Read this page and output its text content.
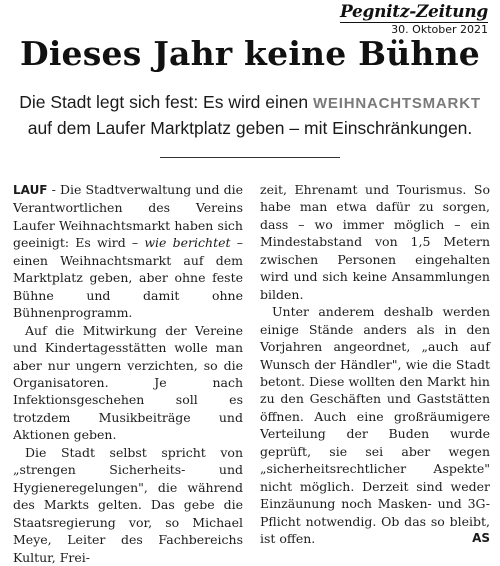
Pegnitz-Zeitung
30. Oktober 2021
Dieses Jahr keine Bühne
Die Stadt legt sich fest: Es wird einen WEIHNACHTSMARKT
auf dem Laufer Marktplatz geben – mit Einschränkungen.

LAUF - Die Stadtverwaltung und die Verantwortlichen des Vereins Laufer Weihnachtsmarkt haben sich geeinigt: Es wird – wie berichtet – einen Weihnachtsmarkt auf dem Marktplatz geben, aber ohne feste Bühne und damit ohne Bühnenprogramm.

Auf die Mitwirkung der Vereine und Kindertagesstätten wolle man aber nur ungern verzichten, so die Organisatoren. Je nach Infektionsgeschehen soll es trotzdem Musikbeiträge und Aktionen geben.

Die Stadt selbst spricht von „strengen Sicherheits- und Hygieneregelungen", die während des Markts gelten. Das gebe die Staatsregierung vor, so Michael Meye, Leiter des Fachbereichs Kultur, Frei-

zeit, Ehrenamt und Tourismus. So habe man etwa dafür zu sorgen, dass – wo immer möglich – ein Mindestabstand von 1,5 Metern zwischen Personen eingehalten wird und sich keine Ansammlungen bilden.

Unter anderem deshalb werden einige Stände anders als in den Vorjahren angeordnet, „auch auf Wunsch der Händler", wie die Stadt betont. Diese wollten den Markt hin zu den Geschäften und Gaststätten öffnen. Auch eine großräumigere Verteilung der Buden wurde geprüft, sie sei aber wegen „sicherheitsrechtlicher Aspekte" nicht möglich. Derzeit sind weder Einzäunung noch Masken- und 3G-Pflicht notwendig. Ob das so bleibt, ist offen.	AS
